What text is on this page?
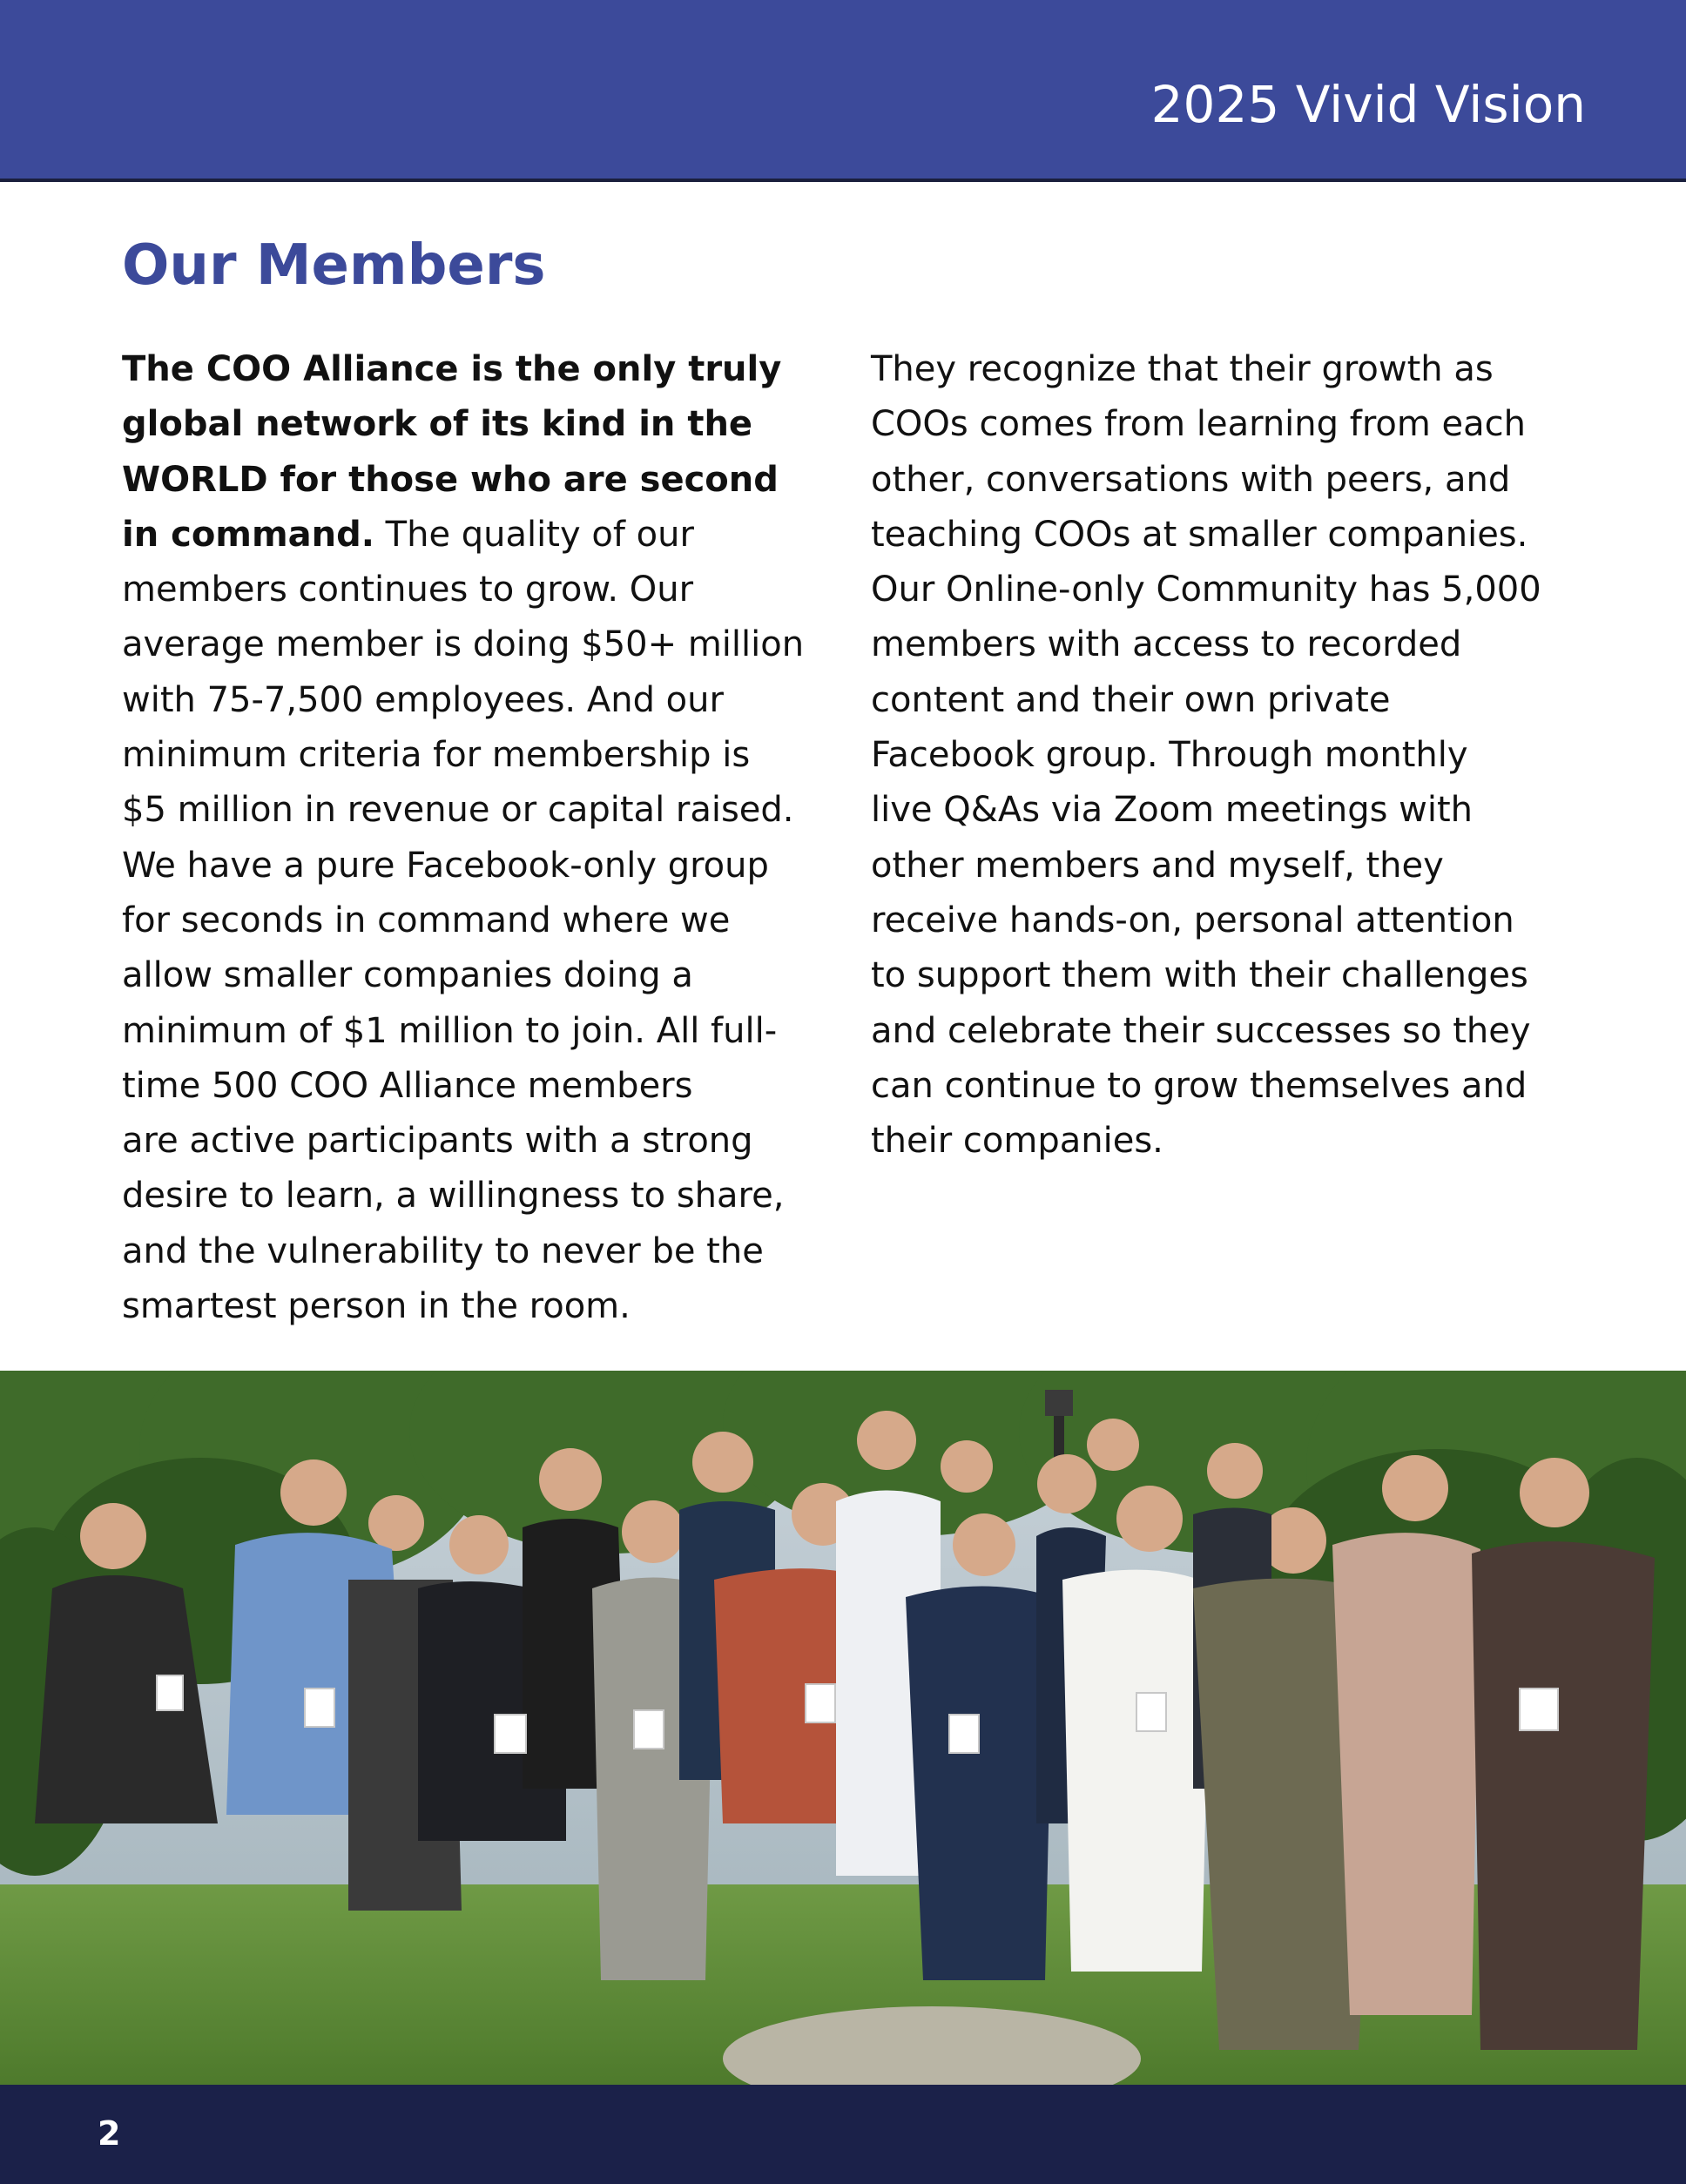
2025 Vivid Vision
Our Members
The COO Alliance is the only truly
global network of its kind in the
WORLD for those who are second
in command. The quality of our
members continues to grow. Our
average member is doing $50+ million
with 75-7,500 employees. And our
minimum criteria for membership is
$5 million in revenue or capital raised.
We have a pure Facebook-only group
for seconds in command where we
allow smaller companies doing a
minimum of $1 million to join. All full-
time 500 COO Alliance members
are active participants with a strong
desire to learn, a willingness to share,
and the vulnerability to never be the
smartest person in the room.
They recognize that their growth as
COOs comes from learning from each
other, conversations with peers, and
teaching COOs at smaller companies.
Our Online-only Community has 5,000
members with access to recorded
content and their own private
Facebook group. Through monthly
live Q&As via Zoom meetings with
other members and myself, they
receive hands-on, personal attention
to support them with their challenges
and celebrate their successes so they
can continue to grow themselves and
their companies.

2
